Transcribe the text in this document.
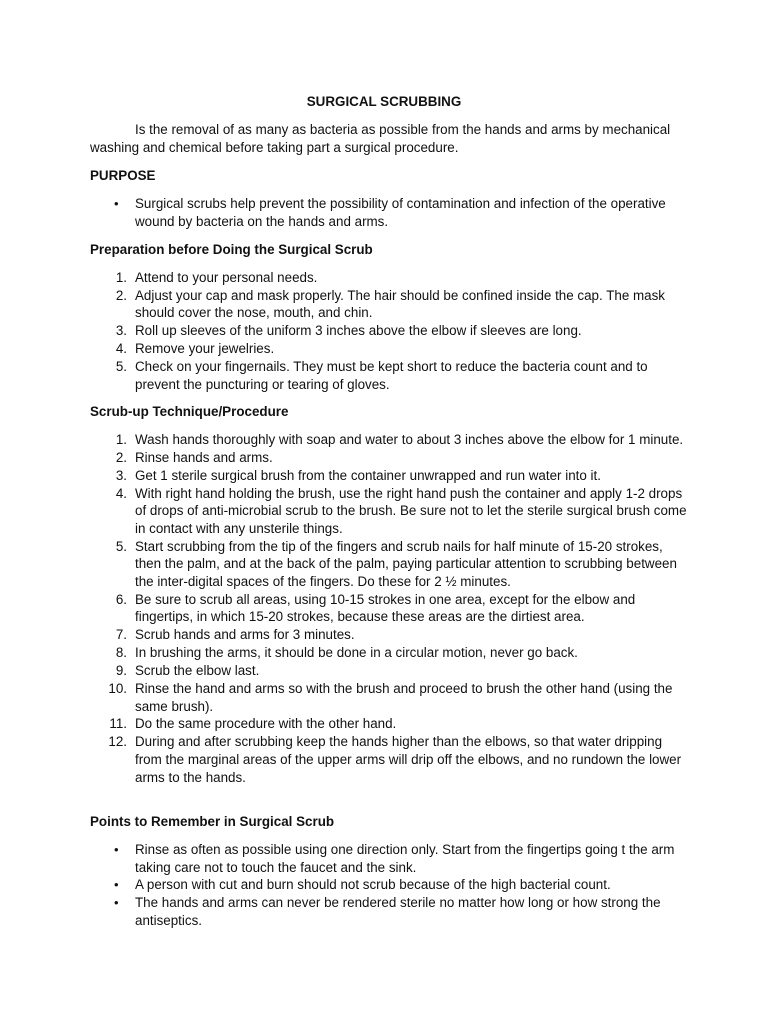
SURGICAL SCRUBBING

Is the removal of as many as bacteria as possible from the hands and arms by mechanical washing and chemical before taking part a surgical procedure.

PURPOSE
• Surgical scrubs help prevent the possibility of contamination and infection of the operative wound by bacteria on the hands and arms.
Preparation before Doing the Surgical Scrub
1. Attend to your personal needs.
2. Adjust your cap and mask properly. The hair should be confined inside the cap. The mask should cover the nose, mouth, and chin.
3. Roll up sleeves of the uniform 3 inches above the elbow if sleeves are long.
4. Remove your jewelries.
5. Check on your fingernails. They must be kept short to reduce the bacteria count and to prevent the puncturing or tearing of gloves.
Scrub-up Technique/Procedure
1. Wash hands thoroughly with soap and water to about 3 inches above the elbow for 1 minute.
2. Rinse hands and arms.
3. Get 1 sterile surgical brush from the container unwrapped and run water into it.
4. With right hand holding the brush, use the right hand push the container and apply 1-2 drops of drops of anti-microbial scrub to the brush. Be sure not to let the sterile surgical brush come in contact with any unsterile things.
5. Start scrubbing from the tip of the fingers and scrub nails for half minute of 15-20 strokes, then the palm, and at the back of the palm, paying particular attention to scrubbing between the inter-digital spaces of the fingers. Do these for 2 ½ minutes.
6. Be sure to scrub all areas, using 10-15 strokes in one area, except for the elbow and fingertips, in which 15-20 strokes, because these areas are the dirtiest area.
7. Scrub hands and arms for 3 minutes.
8. In brushing the arms, it should be done in a circular motion, never go back.
9. Scrub the elbow last.
10. Rinse the hand and arms so with the brush and proceed to brush the other hand (using the same brush).
11. Do the same procedure with the other hand.
12. During and after scrubbing keep the hands higher than the elbows, so that water dripping from the marginal areas of the upper arms will drip off the elbows, and no rundown the lower arms to the hands.
Points to Remember in Surgical Scrub
• Rinse as often as possible using one direction only. Start from the fingertips going t the arm taking care not to touch the faucet and the sink.
• A person with cut and burn should not scrub because of the high bacterial count.
• The hands and arms can never be rendered sterile no matter how long or how strong the antiseptics.
